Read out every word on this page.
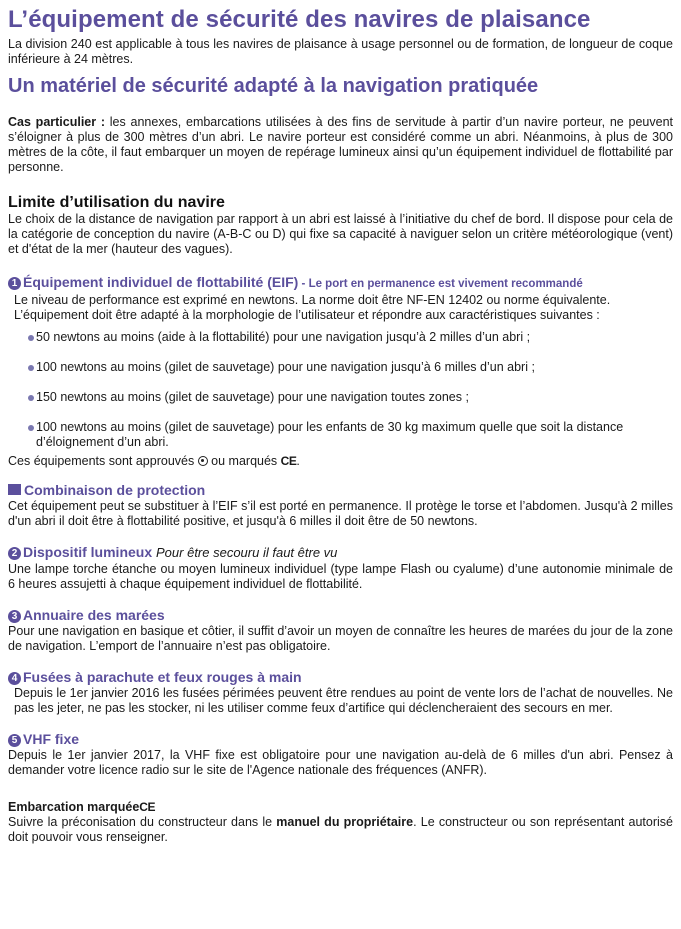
L’équipement de sécurité des navires de plaisance

La division 240 est applicable à tous les navires de plaisance à usage personnel ou de formation, de longueur de coque inférieure à 24 mètres.

Un matériel de sécurité adapté à la navigation pratiquée

Cas particulier : les annexes, embarcations utilisées à des fins de servitude à partir d’un navire porteur, ne peuvent s’éloigner à plus de 300 mètres d’un abri. Le navire porteur est considéré comme un abri. Néanmoins, à plus de 300 mètres de la côte, il faut embarquer un moyen de repérage lumineux ainsi qu’un équipement individuel de flottabilité par personne.

Limite d’utilisation du navire

Le choix de la distance de navigation par rapport à un abri est laissé à l’initiative du chef de bord. Il dispose pour cela de la catégorie de conception du navire (A-B-C ou D) qui fixe sa capacité à naviguer selon un critère météorologique (vent) et d'état de la mer (hauteur des vagues).

1 Équipement individuel de flottabilité (EIF) - Le port en permanence est vivement recommandé

Le niveau de performance est exprimé en newtons. La norme doit être NF-EN 12402 ou norme équivalente.

L’équipement doit être adapté à la morphologie de l’utilisateur et répondre aux caractéristiques suivantes :

50 newtons au moins (aide à la flottabilité) pour une navigation jusqu’à 2 milles d’un abri ;
100 newtons au moins (gilet de sauvetage) pour une navigation jusqu’à 6 milles d’un abri ;
150 newtons au moins (gilet de sauvetage) pour une navigation toutes zones ;
100 newtons au moins (gilet de sauvetage) pour les enfants de 30 kg maximum quelle que soit la distance d’éloignement d’un abri.

Ces équipements sont approuvés  ou marqués CE.

Combinaison de protection

Cet équipement peut se substituer à l’EIF s’il est porté en permanence. Il protège le torse et l’abdomen. Jusqu'à 2 milles d'un abri il doit être à flottabilité positive, et jusqu'à 6 milles il doit être de 50 newtons.

2 Dispositif lumineux Pour être secouru il faut être vu

Une lampe torche étanche ou moyen lumineux individuel (type lampe Flash ou cyalume) d’une autonomie minimale de 6 heures assujetti à chaque équipement individuel de flottabilité.

3 Annuaire des marées

Pour une navigation en basique et côtier, il suffit d’avoir un moyen de connaître les heures de marées du jour de la zone de navigation. L’emport de l’annuaire n’est pas obligatoire.

4 Fusées à parachute et feux rouges à main

Depuis le 1er janvier 2016 les fusées périmées peuvent être rendues au point de vente lors de l’achat de nouvelles. Ne pas les jeter, ne pas les stocker, ni les utiliser comme feux d’artifice qui déclencheraient des secours en mer.

5 VHF fixe

Depuis le 1er janvier 2017, la VHF fixe est obligatoire pour une navigation au-delà de 6 milles d'un abri. Pensez à demander votre licence radio sur le site de l'Agence nationale des fréquences (ANFR).

Embarcation marquéeCE

Suivre la préconisation du constructeur dans le manuel du propriétaire. Le constructeur ou son représentant autorisé doit pouvoir vous renseigner.
